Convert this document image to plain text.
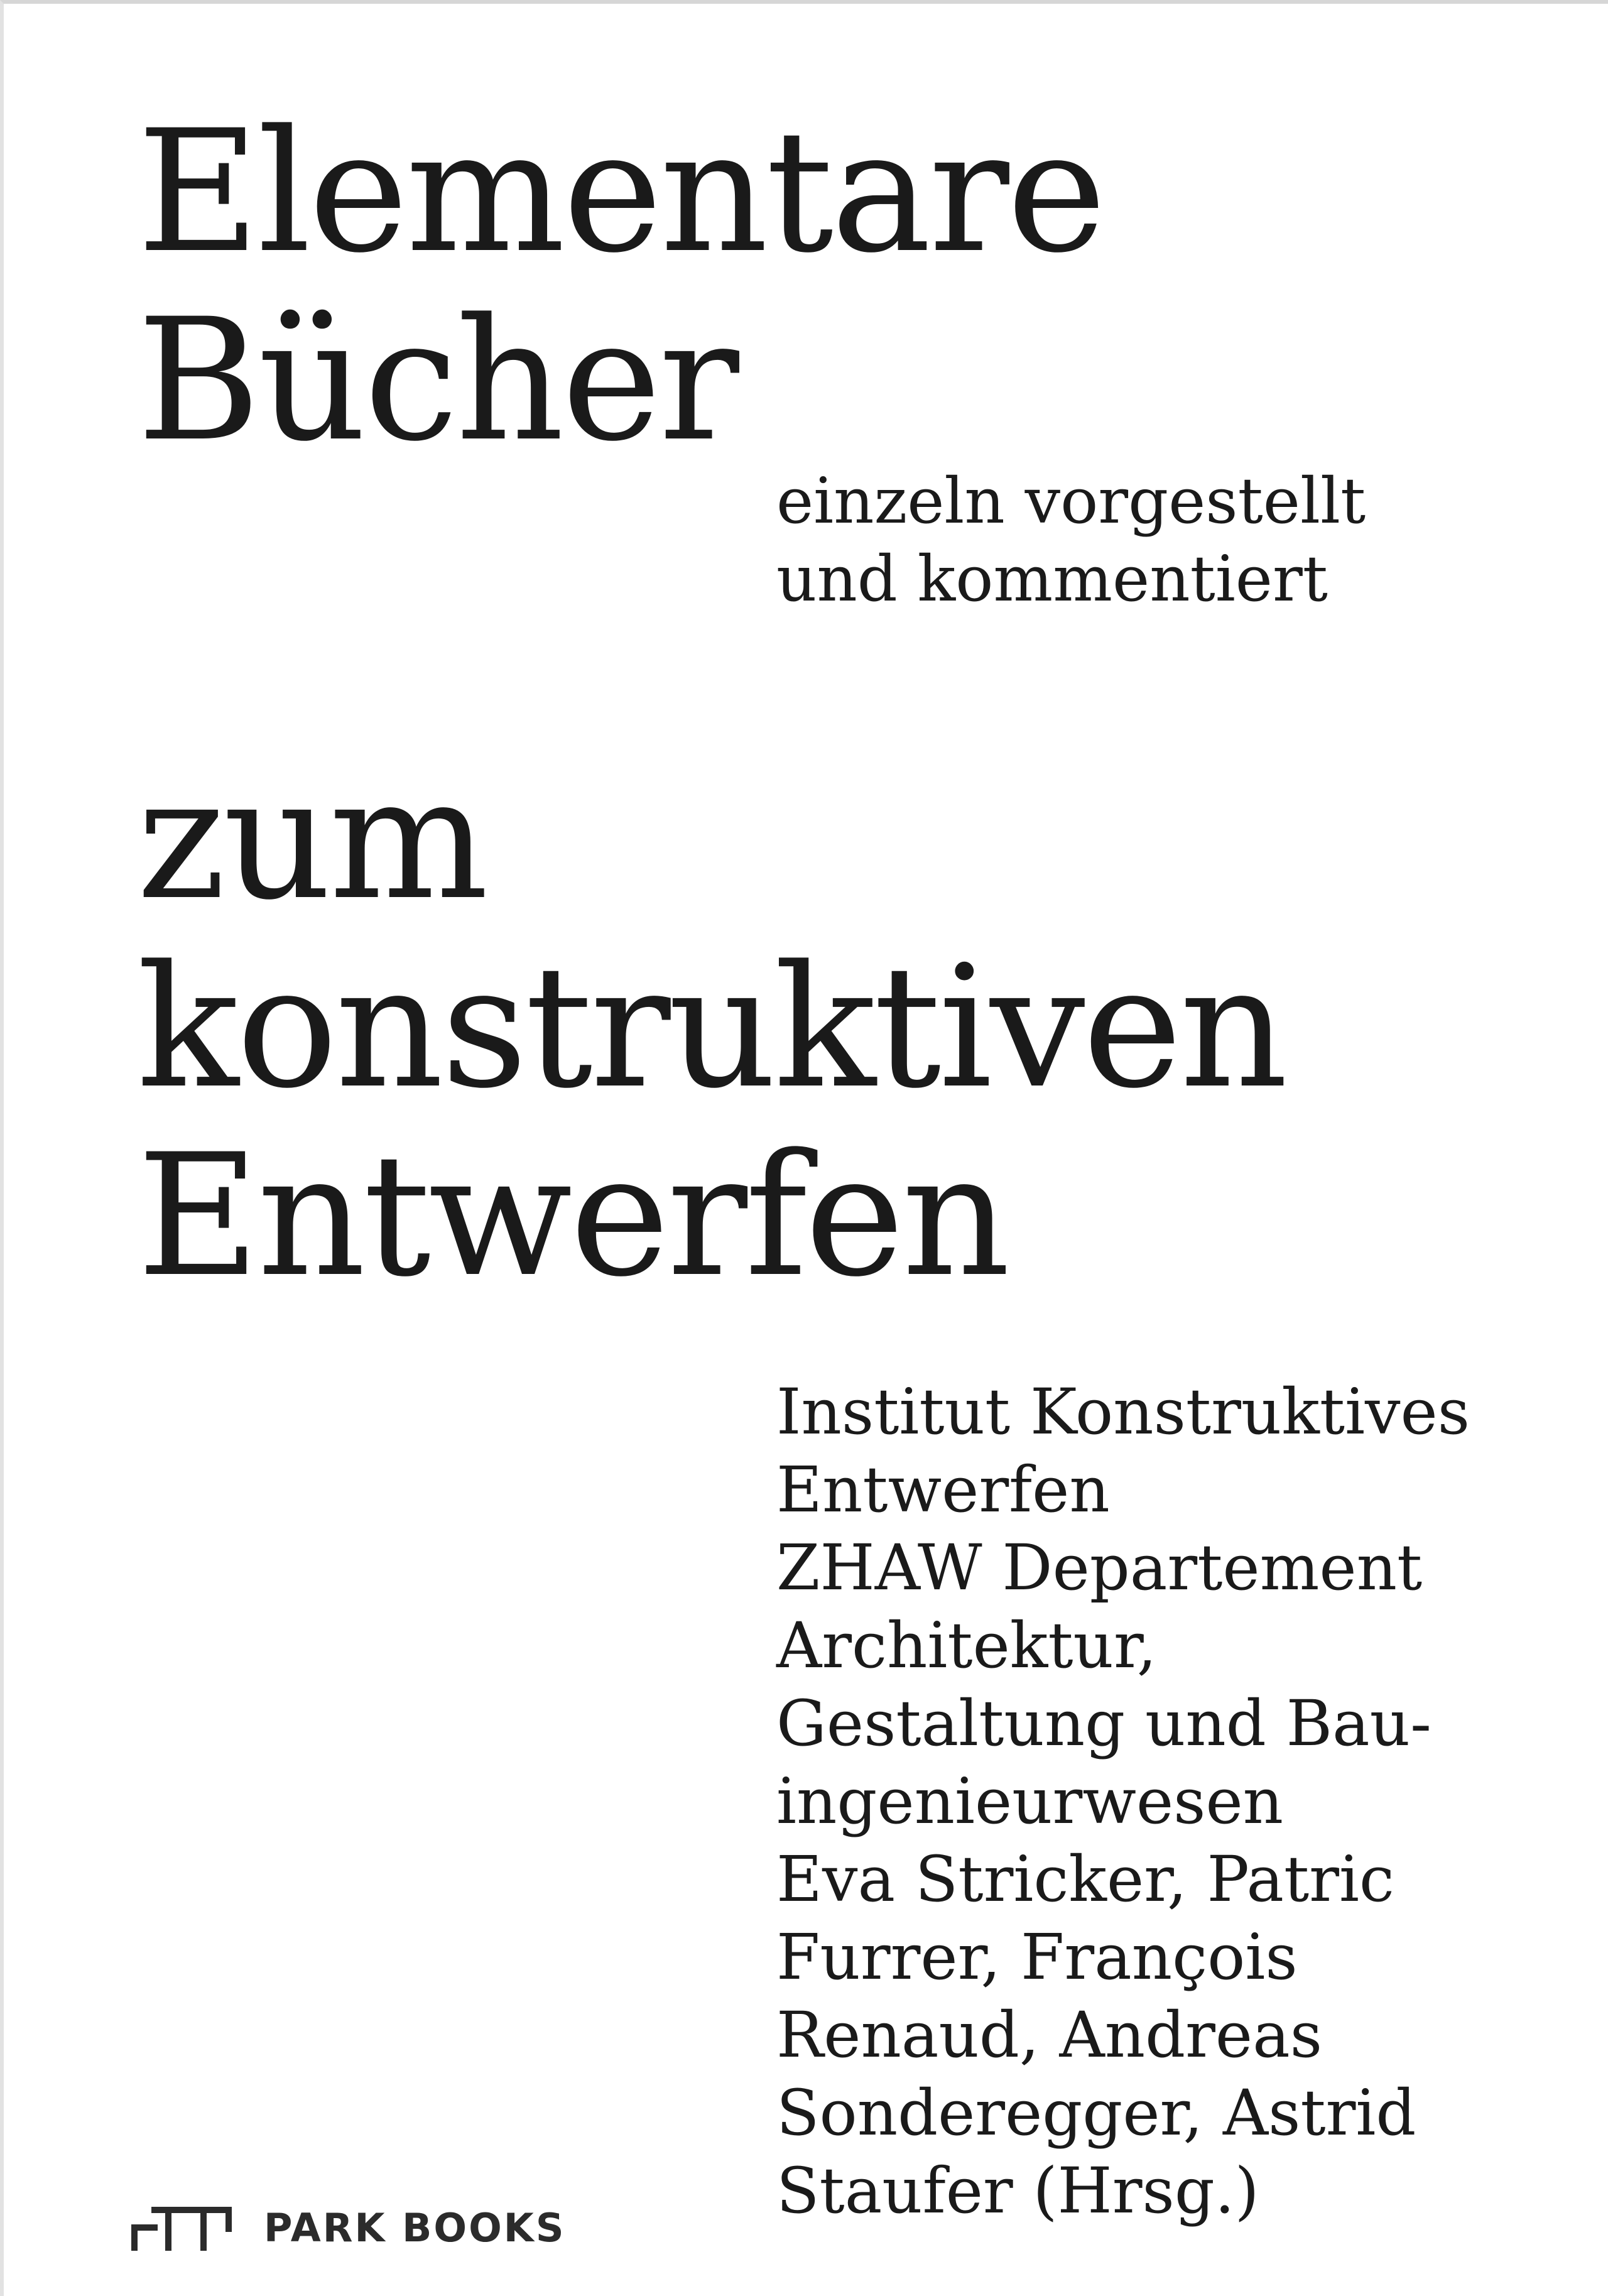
Elementare
Bücher
einzeln vorgestellt
und kommentiert
zum
konstruktiven
Entwerfen
Institut Konstruktives
Entwerfen
ZHAW Departement
Architektur,
Gestaltung und Bau-
ingenieurwesen
Eva Stricker, Patric
Furrer, François
Renaud, Andreas
Sonderegger, Astrid
Staufer (Hrsg.)
PARK BOOKS
